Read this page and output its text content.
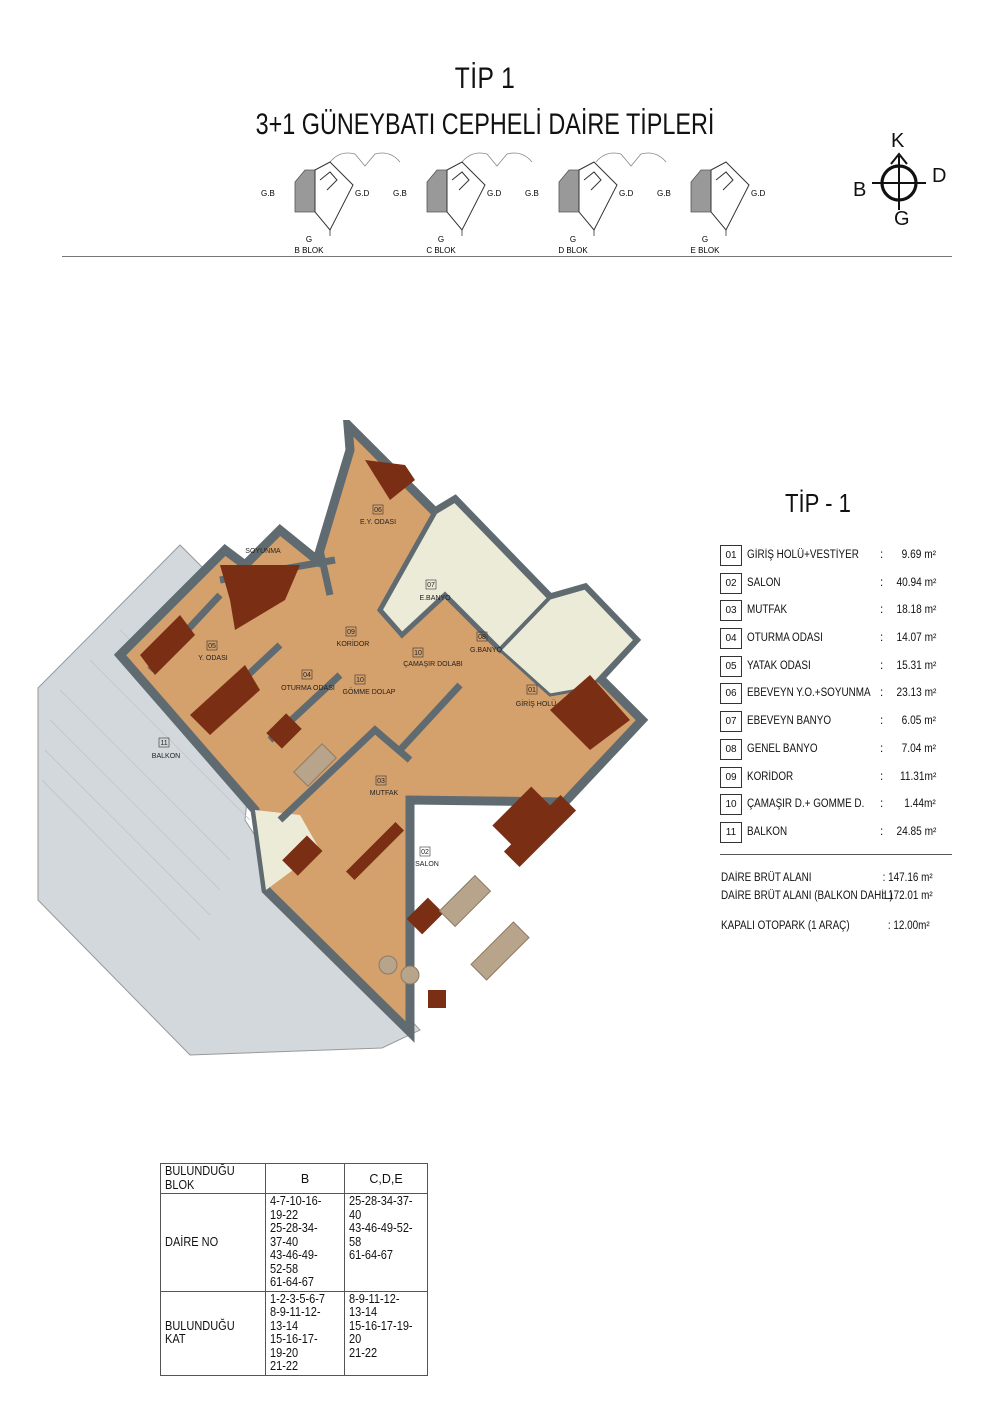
TİP 1
3+1 GÜNEYBATI CEPHELİ DAİRE TİPLERİ
G.B	G.D
G
B BLOK
G.B	G.D
G
C BLOK
G.B	G.D
G
D BLOK
G.B	G.D
G
E BLOK
K
G
D
B
06
E.Y. ODASI
SOYUNMA
07
E.BANYO
08
G.BANYO
09
KORİDOR
10
ÇAMAŞIR DOLABI
05
Y. ODASI
04
OTURMA ODASI
10
GÖMME DOLAP	01
GİRİŞ HOLÜ
11
BALKON
03
MUTFAK
02
SALON
TİP - 1
01 GİRİŞ HOLÜ+VESTİYER : 9.69 m²
02 SALON	: 40.94 m²
03 MUTFAK	: 18.18 m²
04 OTURMA ODASI	: 14.07 m²
05 YATAK ODASI	: 15.31 m²
06 EBEVEYN Y.O.+SOYUNMA : 23.13 m²
07 EBEVEYN BANYO	: 6.05 m²
08 GENEL BANYO	: 7.04 m²
09 KORİDOR	: 11.31m²
10 ÇAMAŞIR D.+ GÖMME D. : 1.44m²
11 BALKON	: 24.85 m²
DAİRE BRÜT ALANI	: 147.16 m²
DAİRE BRÜT ALANI (BALKON DAHİL)
: 172.01 m²
KAPALI OTOPARK (1 ARAÇ)	: 12.00m²
BULUNDUĞU BLOK	B	C,D,E

DAİRE NO	4-7-10-16-19-22
25-28-34-37-40
43-46-49-52-58
61-64-67	25-28-34-37-40
43-46-49-52-58
61-64-67

BULUNDUĞU KAT	1-2-3-5-6-7
8-9-11-12-13-14
15-16-17-19-20
21-22	8-9-11-12-13-14
15-16-17-19-20
21-22
